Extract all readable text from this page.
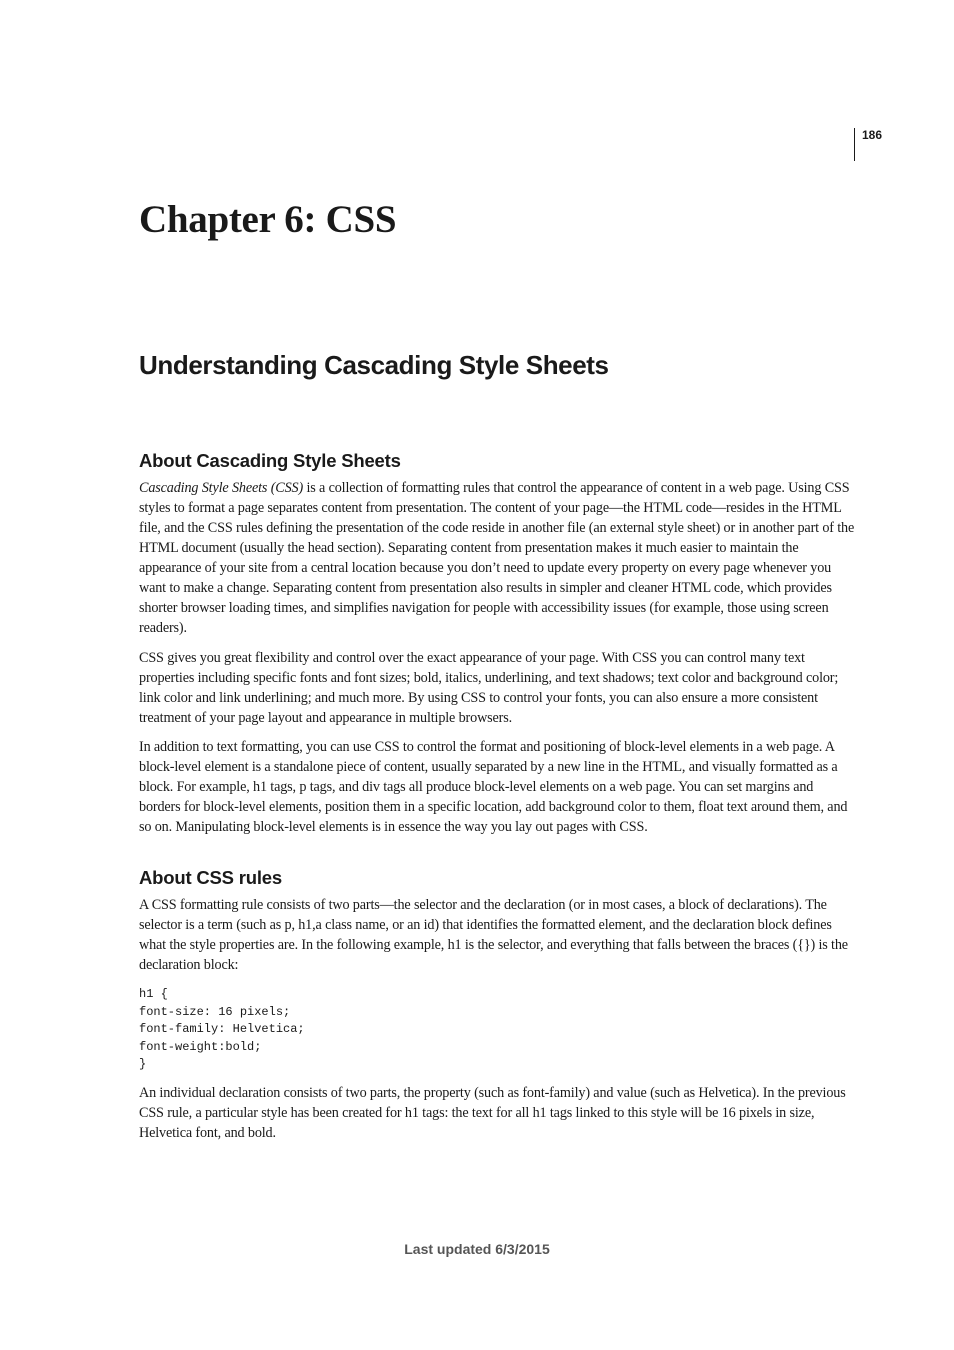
186
Chapter 6: CSS
Understanding Cascading Style Sheets
About Cascading Style Sheets

Cascading Style Sheets (CSS) is a collection of formatting rules that control the appearance of content in a web page. Using CSS styles to format a page separates content from presentation. The content of your page—the HTML code—resides in the HTML file, and the CSS rules defining the presentation of the code reside in another file (an external style sheet) or in another part of the HTML document (usually the head section). Separating content from presentation makes it much easier to maintain the appearance of your site from a central location because you don’t need to update every property on every page whenever you want to make a change. Separating content from presentation also results in simpler and cleaner HTML code, which provides shorter browser loading times, and simplifies navigation for people with accessibility issues (for example, those using screen readers).

CSS gives you great flexibility and control over the exact appearance of your page. With CSS you can control many text properties including specific fonts and font sizes; bold, italics, underlining, and text shadows; text color and background color; link color and link underlining; and much more. By using CSS to control your fonts, you can also ensure a more consistent treatment of your page layout and appearance in multiple browsers.

In addition to text formatting, you can use CSS to control the format and positioning of block-level elements in a web page. A block-level element is a standalone piece of content, usually separated by a new line in the HTML, and visually formatted as a block. For example, h1 tags, p tags, and div tags all produce block-level elements on a web page. You can set margins and borders for block-level elements, position them in a specific location, add background color to them, float text around them, and so on. Manipulating block-level elements is in essence the way you lay out pages with CSS.

About CSS rules

A CSS formatting rule consists of two parts—the selector and the declaration (or in most cases, a block of declarations). The selector is a term (such as p, h1,a class name, or an id) that identifies the formatted element, and the declaration block defines what the style properties are. In the following example, h1 is the selector, and everything that falls between the braces ({}) is the declaration block:

h1 {
font-size: 16 pixels;
font-family: Helvetica;
font-weight:bold;
}

An individual declaration consists of two parts, the property (such as font-family) and value (such as Helvetica). In the previous CSS rule, a particular style has been created for h1 tags: the text for all h1 tags linked to this style will be 16 pixels in size, Helvetica font, and bold.

Last updated 6/3/2015
